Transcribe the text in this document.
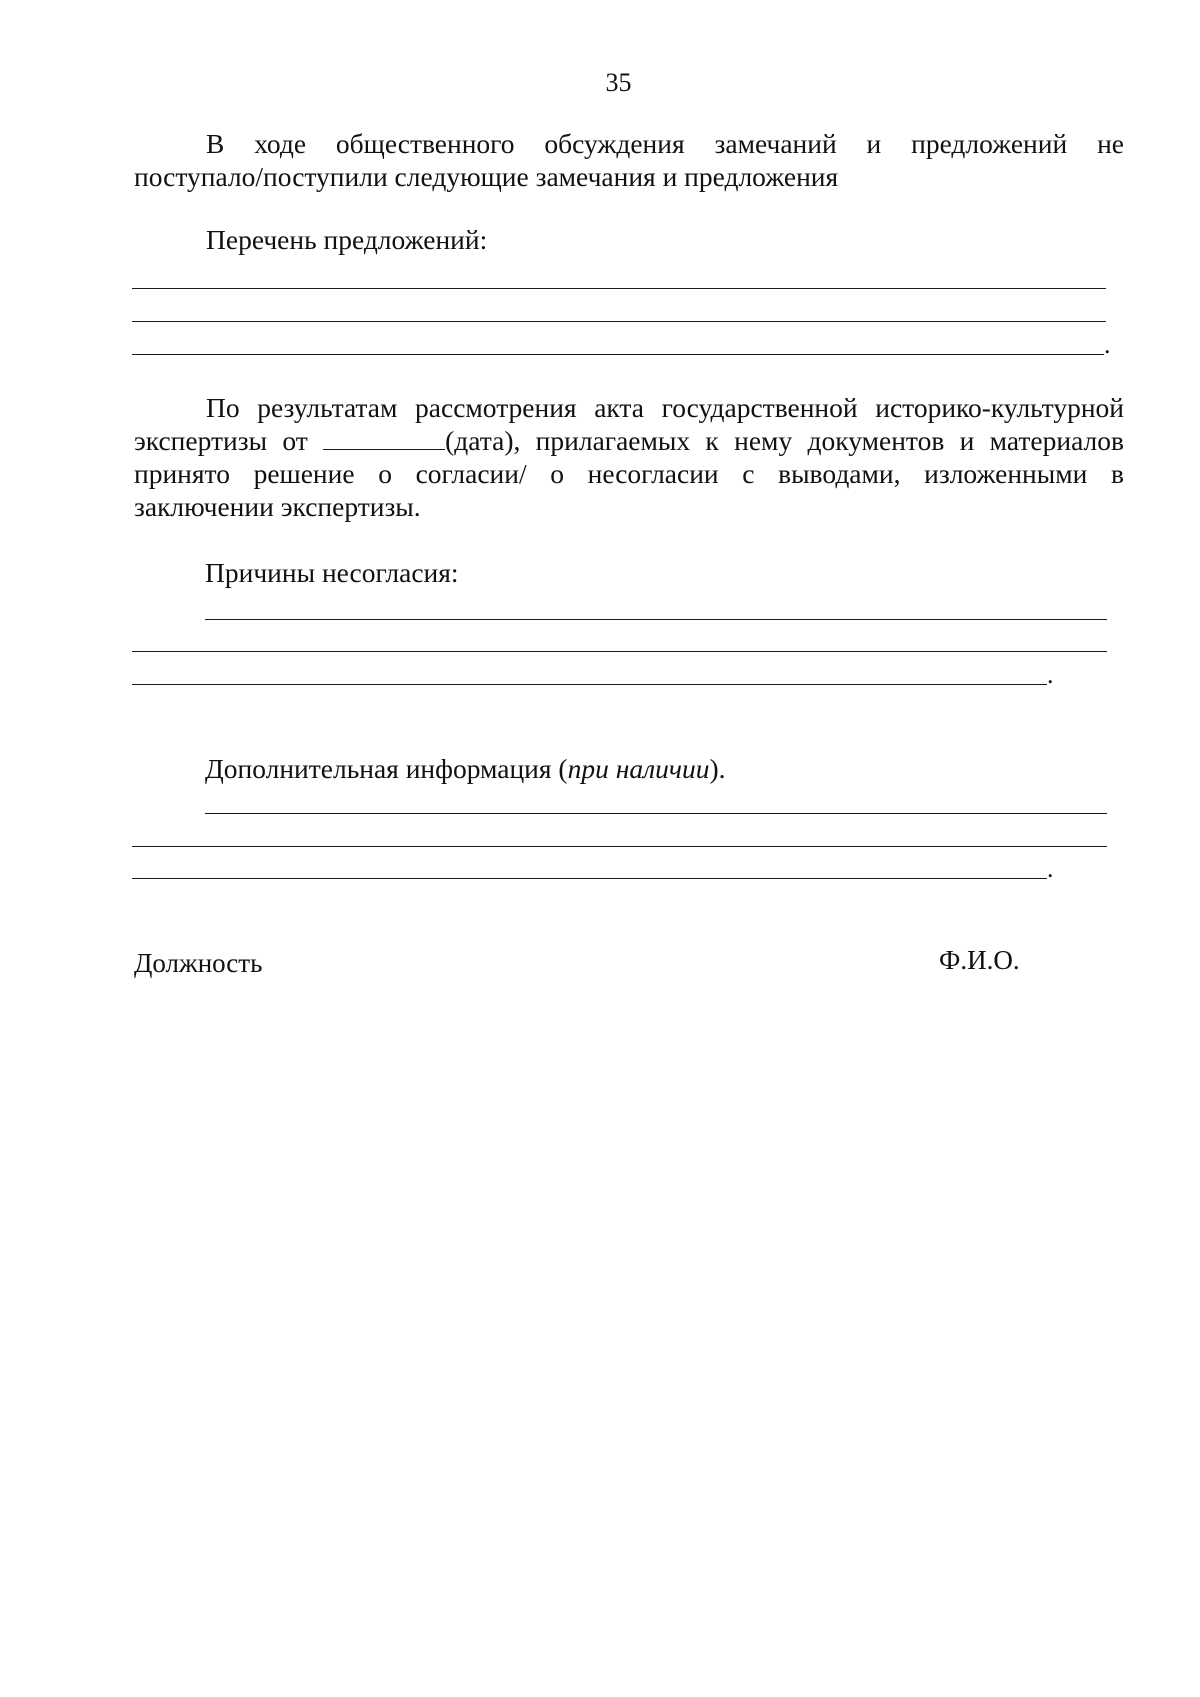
35
В ходе общественного обсуждения замечаний и предложений не
поступало/поступили следующие замечания и предложения
Перечень предложений:
.
По результатам рассмотрения акта государственной историко-культурной
экспертизы от	(дата), прилагаемых к нему документов и материалов
принято решение о согласии/ о несогласии с выводами, изложенными в
заключении экспертизы.
Причины несогласия:
.
Дополнительная информация (при наличии).
.
Должность	Ф.И.О.
